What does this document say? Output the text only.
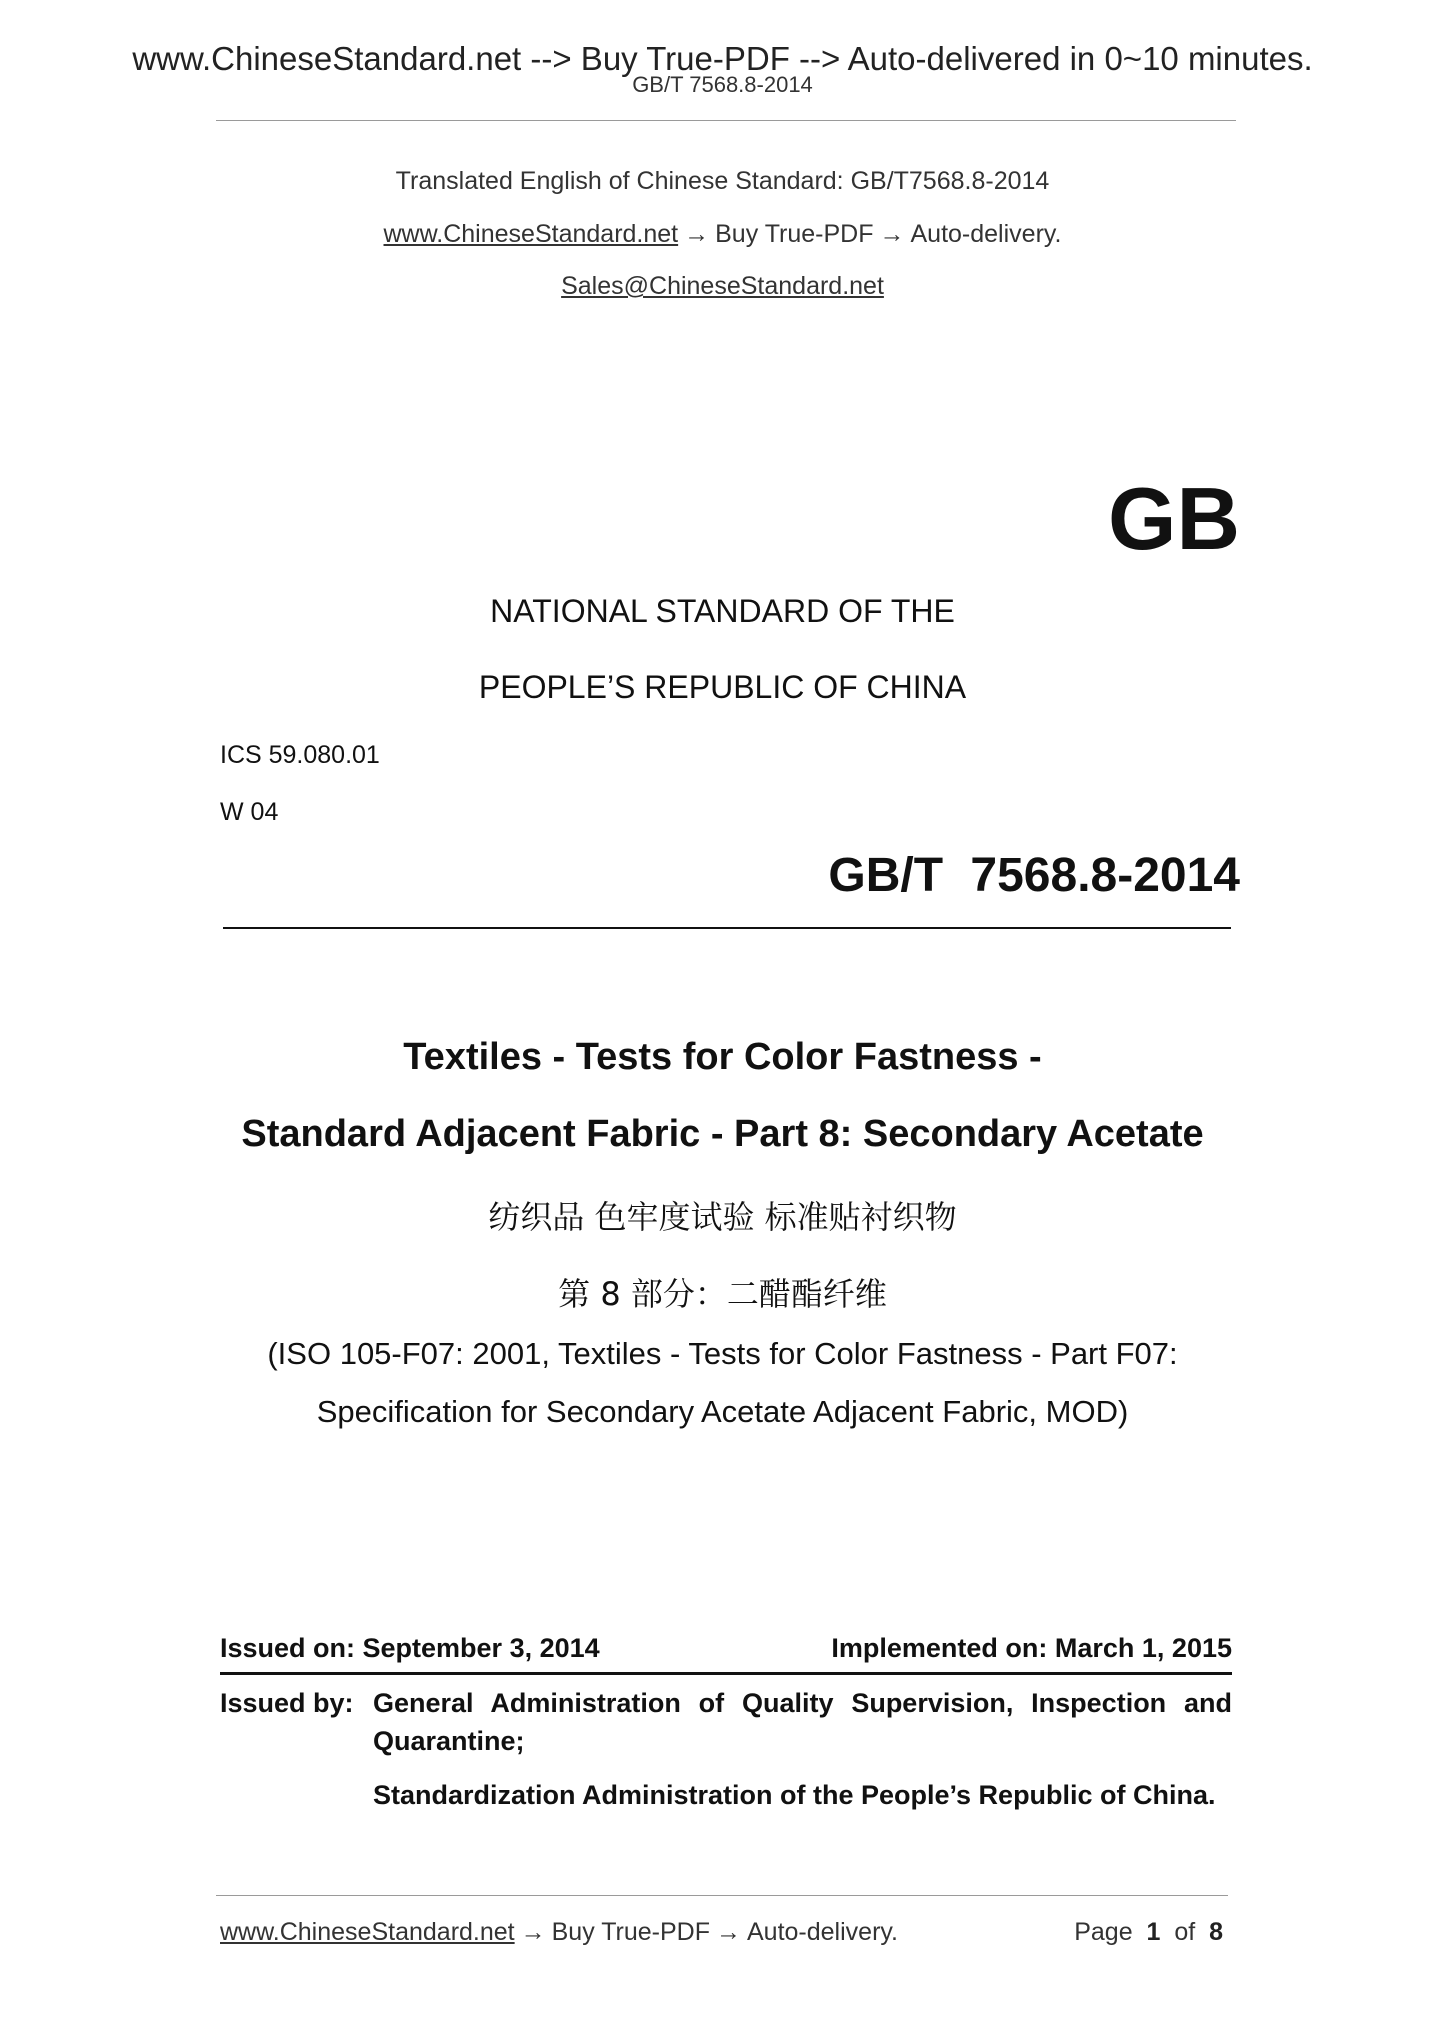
www.ChineseStandard.net --> Buy True-PDF --> Auto-delivered in 0~10 minutes.
GB/T 7568.8-2014
Translated English of Chinese Standard: GB/T7568.8-2014
www.ChineseStandard.net → Buy True-PDF → Auto-delivery.
Sales@ChineseStandard.net
GB
NATIONAL STANDARD OF THE
PEOPLE’S REPUBLIC OF CHINA
ICS 59.080.01
W 04
GB/T 7568.8-2014
Textiles - Tests for Color Fastness -
Standard Adjacent Fabric - Part 8: Secondary Acetate
纺织品 色牢度试验 标准贴衬织物
第 8 部分：二醋酯纤维
(ISO 105-F07: 2001, Textiles - Tests for Color Fastness - Part F07:
Specification for Secondary Acetate Adjacent Fabric, MOD)
Issued on: September 3, 2014	Implemented on: March 1, 2015
Issued by: General Administration of Quality Supervision, Inspection and
Quarantine;
Standardization Administration of the People’s Republic of China.
www.ChineseStandard.net → Buy True-PDF → Auto-delivery.	Page 1 of 8
